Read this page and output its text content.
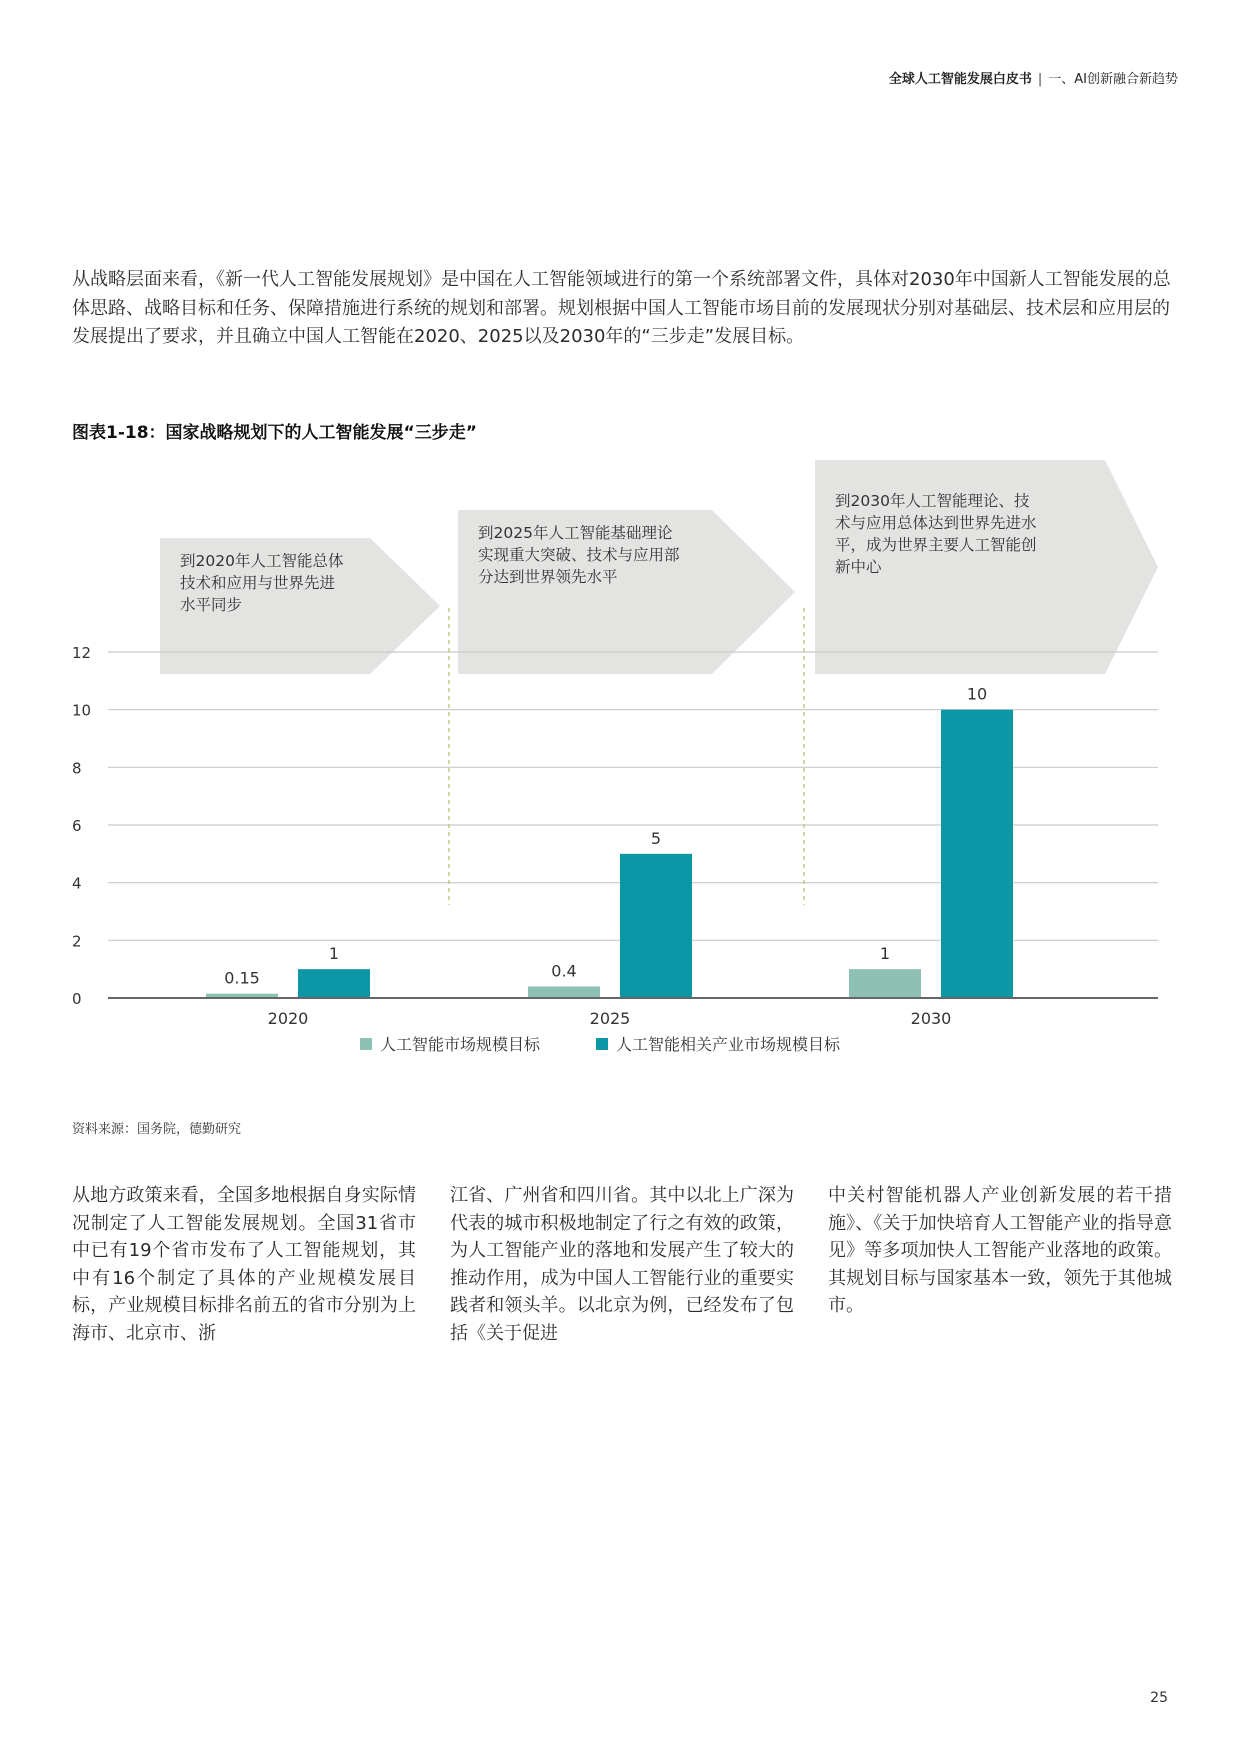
全球人工智能发展白皮书 | 一、AI创新融合新趋势

从战略层面来看，《新一代人工智能发展规划》是中国在人工智能领域进行的第一个系统部署文件，具体对2030年中国新人工智能发展的总体思路、战略目标和任务、保障措施进行系统的规划和部署。规划根据中国人工智能市场目前的发展现状分别对基础层、技术层和应用层的发展提出了要求，并且确立中国人工智能在2020、2025以及2030年的“三步走”发展目标。

图表1-18：国家战略规划下的人工智能发展“三步走”
到2020年人工智能总体
技术和应用与世界先进
水平同步
到2025年人工智能基础理论
实现重大突破、技术与应用部
分达到世界领先水平
到2030年人工智能理论、技
术与应用总体达到世界先进水
平，成为世界主要人工智能创
新中心
0
2
4
6
8
10
12
0.15
1
2020
0.4
5
2025
1
10
2030
人工智能市场规模目标	人工智能相关产业市场规模目标
资料来源：国务院，德勤研究

从地方政策来看，全国多地根据自身实际情况制定了人工智能发展规划。全国31省市中已有19个省市发布了人工智能规划，其中有16个制定了具体的产业规模发展目标，产业规模目标排名前五的省市分别为上海市、北京市、浙

江省、广州省和四川省。其中以北上广深为代表的城市积极地制定了行之有效的政策，为人工智能产业的落地和发展产生了较大的推动作用，成为中国人工智能行业的重要实践者和领头羊。以北京为例，已经发布了包括《关于促进

中关村智能机器人产业创新发展的若干措施》、《关于加快培育人工智能产业的指导意见》等多项加快人工智能产业落地的政策。其规划目标与国家基本一致，领先于其他城市。

25
